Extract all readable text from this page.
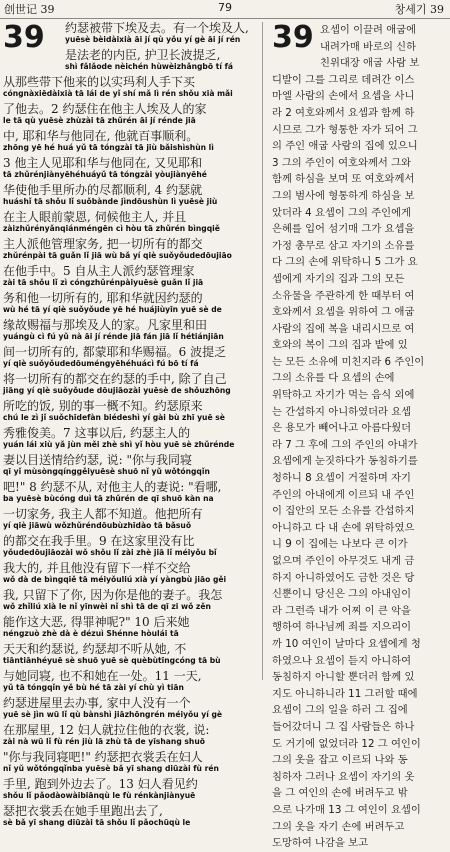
创世记 39	79	창세기 39
39 约瑟被带下埃及去。有一个埃及人,
yuēsè bèidàixià āi jí qù yǒu yí gè āi jí rén
是法老的内臣, 护卫长波提乏,
shì fǎlǎode nèichén hùwèizhǎngbō tí fá
从那些带下他来的以实玛利人手下买
cóngnàxiēdàixià tā lái de yǐ shí mǎ lì rén shǒu xià mǎi
了他去。2 约瑟住在他主人埃及人的家
le tā qù yuēsè zhùzài tā zhǔrén āi jí rénde jiā
中, 耶和华与他同在, 他就百事顺利。
zhōng yē hé huá yǔ tā tóngzài tā jiù bǎishìshùn lì
3 他主人见耶和华与他同在, 又见耶和
tā zhǔrénjiànyēhéhuáyǔ tā tóngzài yòujiànyēhé
华使他手里所办的尽都顺利, 4 约瑟就
huáshǐ tā shǒu lǐ suǒbànde jìndōushùn lì yuēsè jiù
在主人眼前蒙恩, 伺候他主人, 并且
zàizhǔrényǎnqiánméngēn cì hòu tā zhǔrén bìngqiě
主人派他管理家务, 把一切所有的都交
zhǔrénpài tā guǎn lǐ jiā wù bǎ yí qiè suǒyǒudedōujiāo
在他手中。5 自从主人派约瑟管理家
zài tā shǒu lǐ zì cóngzhǔrénpàiyuēsè guǎn lǐ jiā
务和他一切所有的, 耶和华就因约瑟的
wù hé tā yí qiè suǒyǒude yē hé huájiùyīn yuē sè de
缘故赐福与那埃及人的家。凡家里和田
yuángù cì fú yǔ nà āi jí rénde jiā fán jiā lǐ hétiánjiān
间一切所有的, 都蒙耶和华赐福。6 波提乏
yí qiè suǒyǒudedōuméngyēhéhuácì fú bō tí fá
将一切所有的都交在约瑟的手中, 除了自己
jiāng yí qiè suǒyǒude dōujiāozài yuēsè de shǒuzhōng
所吃的饭, 别的事一概不知。约瑟原来
chú le zì jǐ suǒchīdefàn biédeshì yí gài bù zhī yuē sè
秀雅俊美。7 这事以后, 约瑟主人的
yuán lái xiù yǎ jùn měi zhè shì yǐ hòu yuē sè zhǔrénde
妻以目送情给约瑟, 说: "你与我同寝
qī yǐ mùsòngqínggěiyuēsè shuō nǐ yǔ wǒtóngqǐn
吧!" 8 约瑟不从, 对他主人的妻说: "看哪,
ba yuēsè bùcóng duì tā zhǔrén de qī shuō kàn na
一切家务, 我主人都不知道。他把所有
yí qiè jiāwù wǒzhǔréndōubùzhīdào tā bǎsuǒ
的都交在我手里。9 在这家里没有比
yǒudedōujiāozài wǒ shǒu lǐ zài zhè jiā lǐ méiyǒu bǐ
我大的, 并且他没有留下一样不交给
wǒ dà de bìngqiě tā méiyǒuliú xià yí yàngbù jiāo gěi
我, 只留下了你, 因为你是他的妻子。我怎
wǒ zhǐliú xià le nǐ yīnwèi nǐ shì tā de qī zi wǒ zěn
能作这大恶, 得罪神呢?" 10 后来她
néngzuò zhè dà è dézuì Shénne hòulái tā
天天和约瑟说, 约瑟却不听从她, 不
tiāntiānhéyuē sè shuō yuē sè quèbùtīngcóng tā bù
与她同寝, 也不和她在一处。11 一天,
yǔ tā tóngqǐn yě bù hé tā zài yí chù yì tiān
约瑟进屋里去办事, 家中人没有一个
yuē sè jìn wū lǐ qù bànshì jiāzhōngrén méiyǒu yí gè
在那屋里, 12 妇人就拉住他的衣裳, 说:
zài nà wū lǐ fù rén jiù lā zhù tā de yīshang shuō
"你与我同寝吧!" 约瑟把衣裳丢在妇人
nǐ yǔ wǒtóngqǐnba yuēsè bǎ yī shang diūzài fù rén
手里, 跑到外边去了。13 妇人看见约
shǒu lǐ pǎodàowàibiānqù le fù rénkànjiànyuē
瑟把衣裳丢在她手里跑出去了,
sè bǎ yī shang diūzài tā shǒu lǐ pǎochūqù le
39 요셉이 이끌려 애굽에
내려가매 바로의 신하
친위대장 애굽 사람 보
디발이 그를 그리로 데려간 이스
마엘 사람의 손에서 요셉을 사니
라 2 여호와께서 요셉과 함께 하
시므로 그가 형통한 자가 되어 그
의 주인 애굽 사람의 집에 있으니
3 그의 주인이 여호와께서 그와
함께 하심을 보며 또 여호와께서
그의 범사에 형통하게 하심을 보
았더라 4 요셉이 그의 주인에게
은혜를 입어 섬기매 그가 요셉을
가정 총무로 삼고 자기의 소유를
다 그의 손에 위탁하니 5 그가 요
셉에게 자기의 집과 그의 모든
소유물을 주관하게 한 때부터 여
호와께서 요셉을 위하여 그 애굽
사람의 집에 복을 내리시므로 여
호와의 복이 그의 집과 밭에 있
는 모든 소유에 미친지라 6 주인이
그의 소유를 다 요셉의 손에
위탁하고 자기가 먹는 음식 외에
는 간섭하지 아니하였더라 요셉
은 용모가 빼어나고 아름다웠더
라 7 그 후에 그의 주인의 아내가
요셉에게 눈짓하다가 동침하기를
청하니 8 요셉이 거절하며 자기
주인의 아내에게 이르되 내 주인
이 집안의 모든 소유를 간섭하지
아니하고 다 내 손에 위탁하였으
니 9 이 집에는 나보다 큰 이가
없으며 주인이 아무것도 내게 금
하지 아니하였어도 금한 것은 당
신뿐이니 당신은 그의 아내임이
라 그런즉 내가 어찌 이 큰 악을
행하여 하나님께 죄를 지으리이
까 10 여인이 날마다 요셉에게 청
하였으나 요셉이 듣지 아니하여
동침하지 아니할 뿐더러 함께 있
지도 아니하니라 11 그러할 때에
요셉이 그의 일을 하러 그 집에
들어갔더니 그 집 사람들은 하나
도 거기에 없었더라 12 그 여인이
그의 옷을 잡고 이르되 나와 동
침하자 그러나 요셉이 자기의 옷
을 그 여인의 손에 버려두고 밖
으로 나가매 13 그 여인이 요셉이
그의 옷을 자기 손에 버려두고
도망하여 나감을 보고
